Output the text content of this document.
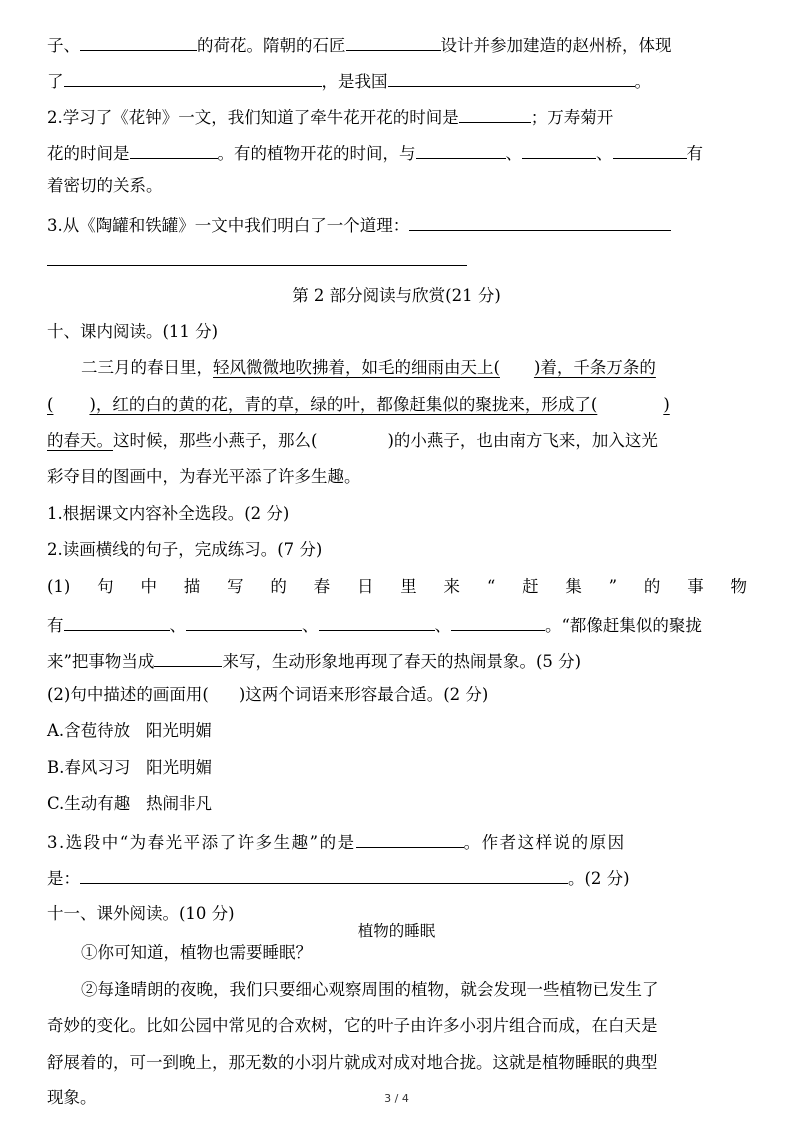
子、	的荷花。隋朝的石匠	设计并参加建造的赵州桥，体现
了	，是我国	。
2.学习了《花钟》一文，我们知道了牵牛花开花的时间是	；万寿菊开
花的时间是	。有的植物开花的时间，与	、	、	有
着密切的关系。
3.从《陶罐和铁罐》一文中我们明白了一个道理：
第 2 部分阅读与欣赏(21 分)
十、课内阅读。(11 分)
二三月的春日里，轻风微微地吹拂着，如毛的细雨由天上( )着，千条万条的
( )，红的白的黄的花，青的草，绿的叶，都像赶集似的聚拢来，形成了(	)
的春天。这时候，那些小燕子，那么(	)的小燕子，也由南方飞来，加入这光
彩夺目的图画中，为春光平添了许多生趣。
1.根据课文内容补全选段。(2 分)
2.读画横线的句子，完成练习。(7 分)
(1) 句 中 描 写 的 春 日 里 来 “ 赶 集 ” 的 事 物
有	、	、	、	。“都像赶集似的聚拢
来”把事物当成	来写，生动形象地再现了春天的热闹景象。(5 分)
(2)句中描述的画面用( )这两个词语来形容最合适。(2 分)
A.含苞待放   阳光明媚
B.春风习习   阳光明媚
C.生动有趣   热闹非凡
3.选段中“为春光平添了许多生趣”的是	。作者这样说的原因
是：	。(2 分)
十一、课外阅读。(10 分)
植物的睡眠
①你可知道，植物也需要睡眠？
②每逢晴朗的夜晚，我们只要细心观察周围的植物，就会发现一些植物已发生了
奇妙的变化。比如公园中常见的合欢树，它的叶子由许多小羽片组合而成，在白天是
舒展着的，可一到晚上，那无数的小羽片就成对成对地合拢。这就是植物睡眠的典型
现象。	3 / 4
